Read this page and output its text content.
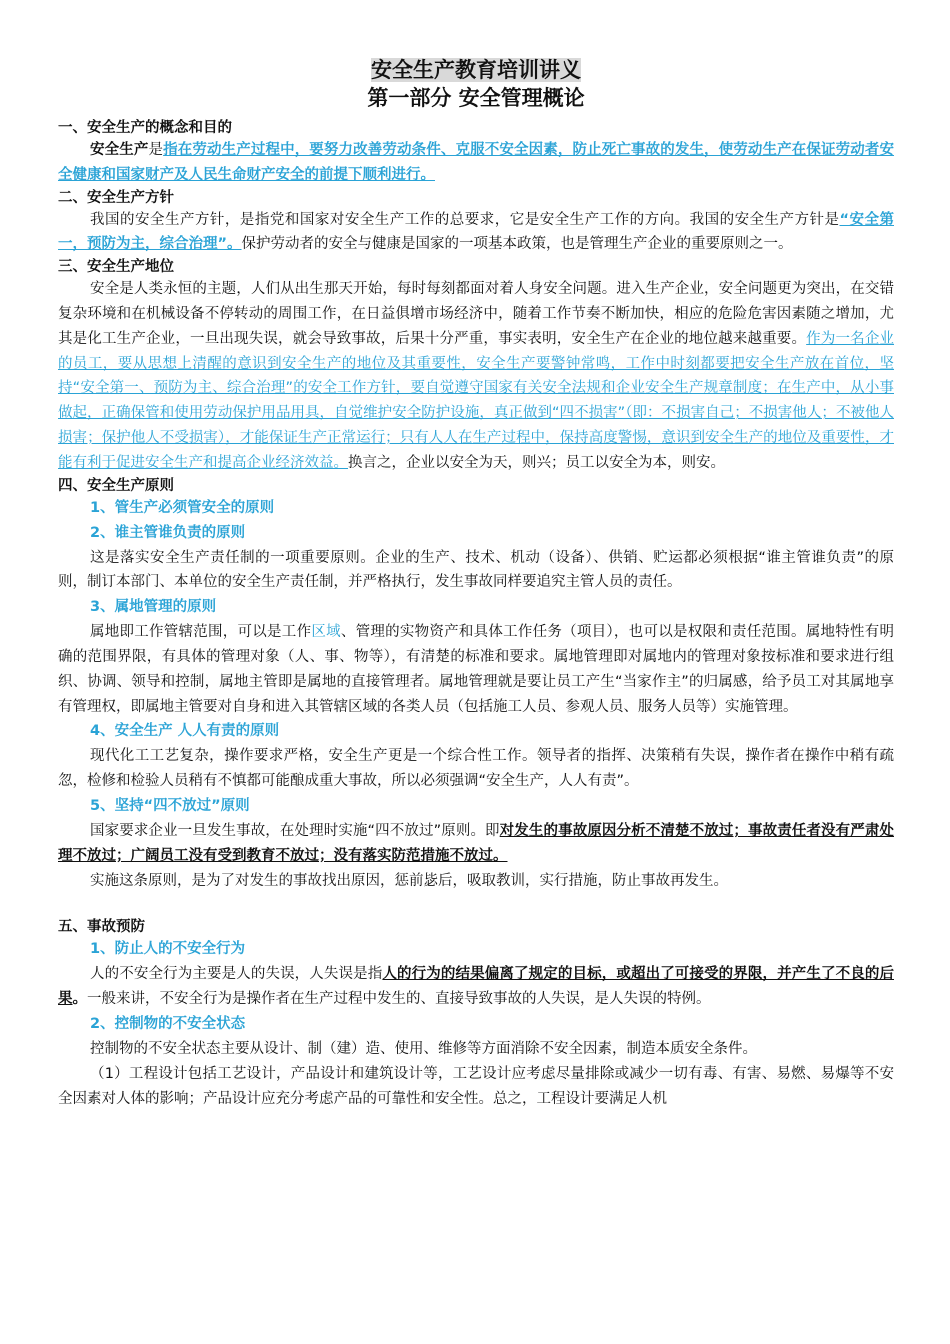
安全生产教育培训讲义
第一部分 安全管理概论
一、安全生产的概念和目的

安全生产是指在劳动生产过程中，要努力改善劳动条件、克服不安全因素，防止死亡事故的发生，使劳动生产在保证劳动者安全健康和国家财产及人民生命财产安全的前提下顺利进行。

二、安全生产方针

我国的安全生产方针，是指党和国家对安全生产工作的总要求，它是安全生产工作的方向。我国的安全生产方针是“安全第一，预防为主，综合治理”。保护劳动者的安全与健康是国家的一项基本政策，也是管理生产企业的重要原则之一。

三、安全生产地位

安全是人类永恒的主题，人们从出生那天开始，每时每刻都面对着人身安全问题。进入生产企业，安全问题更为突出，在交错复杂环境和在机械设备不停转动的周围工作，在日益俱增市场经济中，随着工作节奏不断加快，相应的危险危害因素随之增加，尤其是化工生产企业，一旦出现失误，就会导致事故，后果十分严重，事实表明，安全生产在企业的地位越来越重要。作为一名企业的员工，要从思想上清醒的意识到安全生产的地位及其重要性，安全生产要警钟常鸣，工作中时刻都要把安全生产放在首位，坚持“安全第一、预防为主、综合治理”的安全工作方针，要自觉遵守国家有关安全法规和企业安全生产规章制度；在生产中，从小事做起，正确保管和使用劳动保护用品用具，自觉维护安全防护设施，真正做到“四不损害”（即：不损害自己；不损害他人；不被他人损害；保护他人不受损害），才能保证生产正常运行；只有人人在生产过程中，保持高度警惕，意识到安全生产的地位及重要性，才能有利于促进安全生产和提高企业经济效益。换言之，企业以安全为天，则兴；员工以安全为本，则安。

四、安全生产原则
1、管生产必须管安全的原则
2、谁主管谁负责的原则

这是落实安全生产责任制的一项重要原则。企业的生产、技术、机动（设备）、供销、贮运都必须根据“谁主管谁负责”的原则，制订本部门、本单位的安全生产责任制，并严格执行，发生事故同样要追究主管人员的责任。

3、属地管理的原则

属地即工作管辖范围，可以是工作区域、管理的实物资产和具体工作任务（项目），也可以是权限和责任范围。属地特性有明确的范围界限，有具体的管理对象（人、事、物等），有清楚的标准和要求。属地管理即对属地内的管理对象按标准和要求进行组织、协调、领导和控制，属地主管即是属地的直接管理者。属地管理就是要让员工产生“当家作主”的归属感，给予员工对其属地享有管理权，即属地主管要对自身和进入其管辖区域的各类人员（包括施工人员、参观人员、服务人员等）实施管理。

4、安全生产 人人有责的原则

现代化工工艺复杂，操作要求严格，安全生产更是一个综合性工作。领导者的指挥、决策稍有失误，操作者在操作中稍有疏忽，检修和检验人员稍有不慎都可能酿成重大事故，所以必须强调“安全生产，人人有责”。

5、坚持“四不放过”原则

国家要求企业一旦发生事故，在处理时实施“四不放过”原则。即对发生的事故原因分析不清楚不放过；事故责任者没有严肃处理不放过；广阔员工没有受到教育不放过；没有落实防范措施不放过。

实施这条原则，是为了对发生的事故找出原因，惩前毖后，吸取教训，实行措施，防止事故再发生。

五、事故预防
1、防止人的不安全行为

人的不安全行为主要是人的失误，人失误是指人的行为的结果偏离了规定的目标，或超出了可接受的界限，并产生了不良的后果。一般来讲，不安全行为是操作者在生产过程中发生的、直接导致事故的人失误，是人失误的特例。

2、控制物的不安全状态

控制物的不安全状态主要从设计、制（建）造、使用、维修等方面消除不安全因素，制造本质安全条件。

（1）工程设计包括工艺设计，产品设计和建筑设计等，工艺设计应考虑尽量排除或减少一切有毒、有害、易燃、易爆等不安全因素对人体的影响；产品设计应充分考虑产品的可靠性和安全性。总之，工程设计要满足人机
